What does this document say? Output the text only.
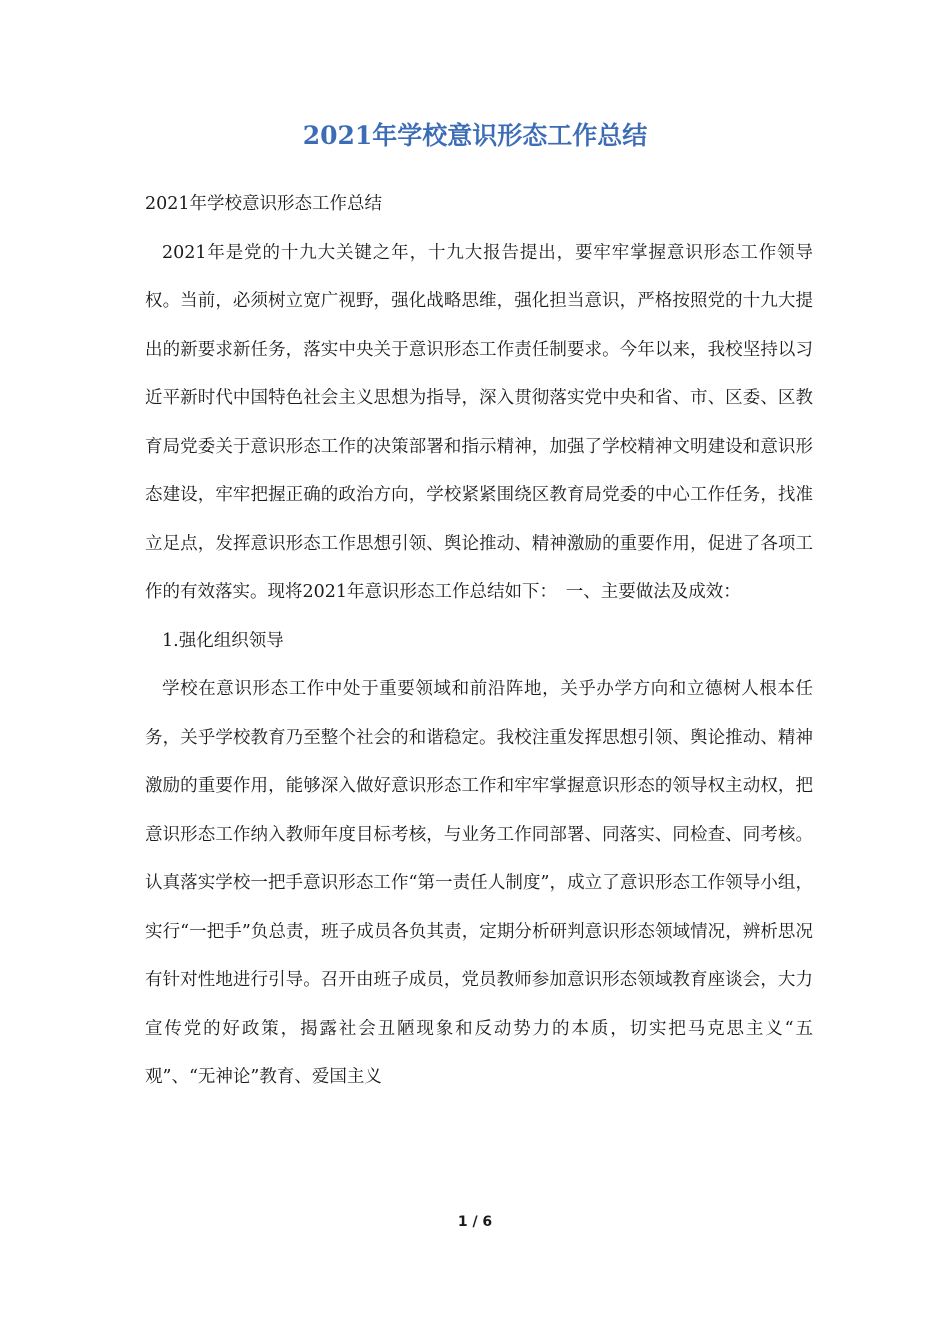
2021年学校意识形态工作总结

2021年学校意识形态工作总结

2021年是党的十九大关键之年，十九大报告提出，要牢牢掌握意识形态工作领导权。当前，必须树立宽广视野，强化战略思维，强化担当意识，严格按照党的十九大提出的新要求新任务，落实中央关于意识形态工作责任制要求。今年以来，我校坚持以习近平新时代中国特色社会主义思想为指导，深入贯彻落实党中央和省、市、区委、区教育局党委关于意识形态工作的决策部署和指示精神，加强了学校精神文明建设和意识形态建设，牢牢把握正确的政治方向，学校紧紧围绕区教育局党委的中心工作任务，找准立足点，发挥意识形态工作思想引领、舆论推动、精神激励的重要作用，促进了各项工作的有效落实。现将2021年意识形态工作总结如下：　一、主要做法及成效：

1.强化组织领导

学校在意识形态工作中处于重要领域和前沿阵地，关乎办学方向和立德树人根本任务，关乎学校教育乃至整个社会的和谐稳定。我校注重发挥思想引领、舆论推动、精神激励的重要作用，能够深入做好意识形态工作和牢牢掌握意识形态的领导权主动权，把意识形态工作纳入教师年度目标考核，与业务工作同部署、同落实、同检查、同考核。认真落实学校一把手意识形态工作“第一责任人制度”，成立了意识形态工作领导小组，实行“一把手”负总责，班子成员各负其责，定期分析研判意识形态领域情况，辨析思况有针对性地进行引导。召开由班子成员，党员教师参加意识形态领域教育座谈会，大力宣传党的好政策，揭露社会丑陋现象和反动势力的本质，切实把马克思主义“五观”、“无神论”教育、爱国主义

1 / 6
